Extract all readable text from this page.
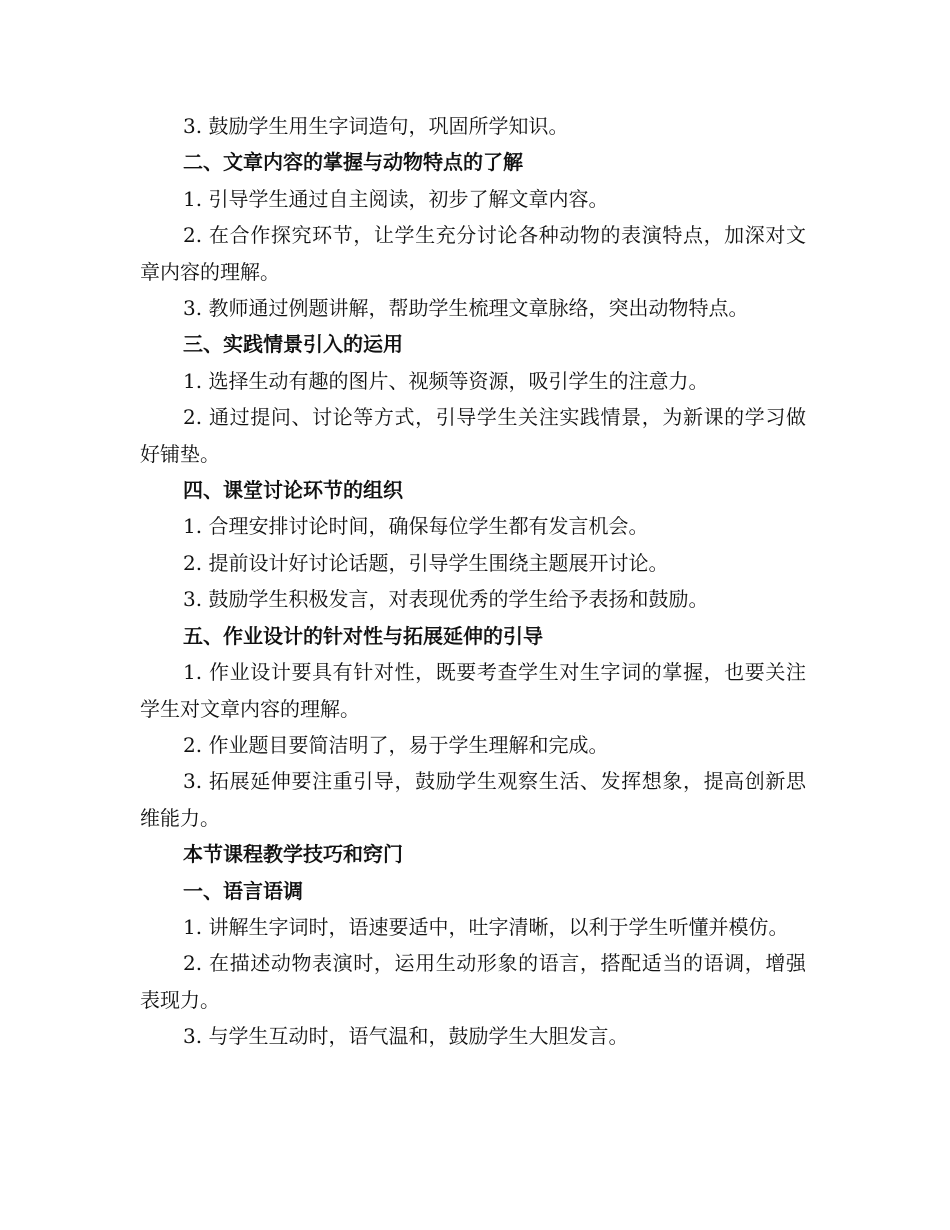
3. 鼓励学生用生字词造句，巩固所学知识。

二、文章内容的掌握与动物特点的了解

1. 引导学生通过自主阅读，初步了解文章内容。

2. 在合作探究环节，让学生充分讨论各种动物的表演特点，加深对文章内容的理解。

3. 教师通过例题讲解，帮助学生梳理文章脉络，突出动物特点。

三、实践情景引入的运用

1. 选择生动有趣的图片、视频等资源，吸引学生的注意力。

2. 通过提问、讨论等方式，引导学生关注实践情景，为新课的学习做好铺垫。

四、课堂讨论环节的组织

1. 合理安排讨论时间，确保每位学生都有发言机会。

2. 提前设计好讨论话题，引导学生围绕主题展开讨论。

3. 鼓励学生积极发言，对表现优秀的学生给予表扬和鼓励。

五、作业设计的针对性与拓展延伸的引导

1. 作业设计要具有针对性，既要考查学生对生字词的掌握，也要关注学生对文章内容的理解。

2. 作业题目要简洁明了，易于学生理解和完成。

3. 拓展延伸要注重引导，鼓励学生观察生活、发挥想象，提高创新思维能力。

本节课程教学技巧和窍门

一、语言语调

1. 讲解生字词时，语速要适中，吐字清晰，以利于学生听懂并模仿。

2. 在描述动物表演时，运用生动形象的语言，搭配适当的语调，增强表现力。

3. 与学生互动时，语气温和，鼓励学生大胆发言。
